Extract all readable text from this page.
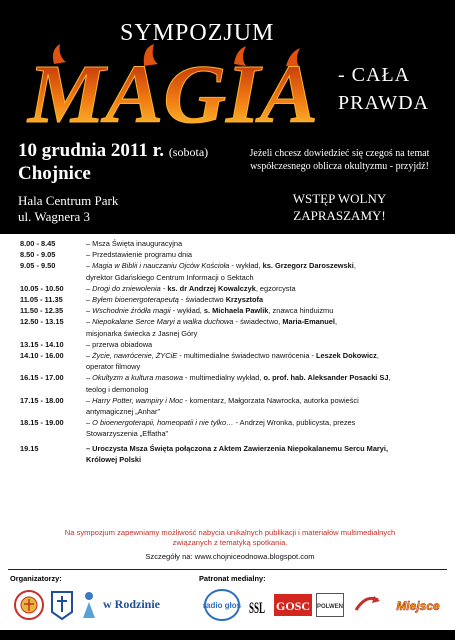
SYMPOZJUM
MAGIA - CAŁA
PRAWDA
10 grudnia 2011 r. (sobota)
Chojnice
Hala Centrum Park
ul. Wagnera 3
Jeżeli chcesz dowiedzieć się czegoś na temat
współczesnego oblicza okultyzmu - przyjdź!
WSTĘP WOLNY
ZAPRASZAMY!
8.00 - 8.45	– Msza Święta inauguracyjna
8.50 - 9.05	– Przedstawienie programu dnia
9.05 - 9.50	– Magia w Biblii i nauczaniu Ojców Kościoła - wykład, ks. Grzegorz Daroszewski,
dyrektor Gdańskiego Centrum Informacji o Sektach
10.05 - 10.50	– Drogi do zniewolenia - ks. dr Andrzej Kowalczyk, egzorcysta
11.05 - 11.35	– Byłem bioenergoterapeutą - świadectwo Krzysztofa
11.50 - 12.35	– Wschodnie źródła magii - wykład, s. Michaela Pawlik, znawca hinduizmu
12.50 - 13.15	– Niepokalane Serce Maryi a walka duchowa - świadectwo, Maria-Emanuel,
misjonarka świecka z Jasnej Góry
13.15 - 14.10	– przerwa obiadowa
14.10 - 16.00	– Życie, nawrócenie, ŻYCiE - multimedialne świadectwo nawrócenia - Leszek Dokowicz,
operator filmowy
16.15 - 17.00	– Okultyzm a kultura masowa - multimedialny wykład, o. prof. hab. Aleksander Posacki SJ,
teolog i demonolog
17.15 - 18.00	– Harry Potter, wampiry i Moc - komentarz, Małgorzata Nawrocka, autorka powieści
antymagicznej „Anhar”
18.15 - 19.00	– O bioenergoterapii, homeopatii i nie tylko… - Andrzej Wronka, publicysta, prezes
Stowarzyszenia „Effatha”
19.15	– Uroczysta Msza Święta połączona z Aktem Zawierzenia Niepokalanemu Sercu Maryi,
Królowej Polski
Na sympozjum zapewniamy możliwość nabycia unikalnych publikacji i materiałów multimedialnych
związanych z tematyką spotkania.
Szczegóły na: www.chojniceodnowa.blogspot.com
Organizatorzy:	Patronat medialny:
w Rodzinie	radio głos SSL GOSC POLWEN	Miejsce
